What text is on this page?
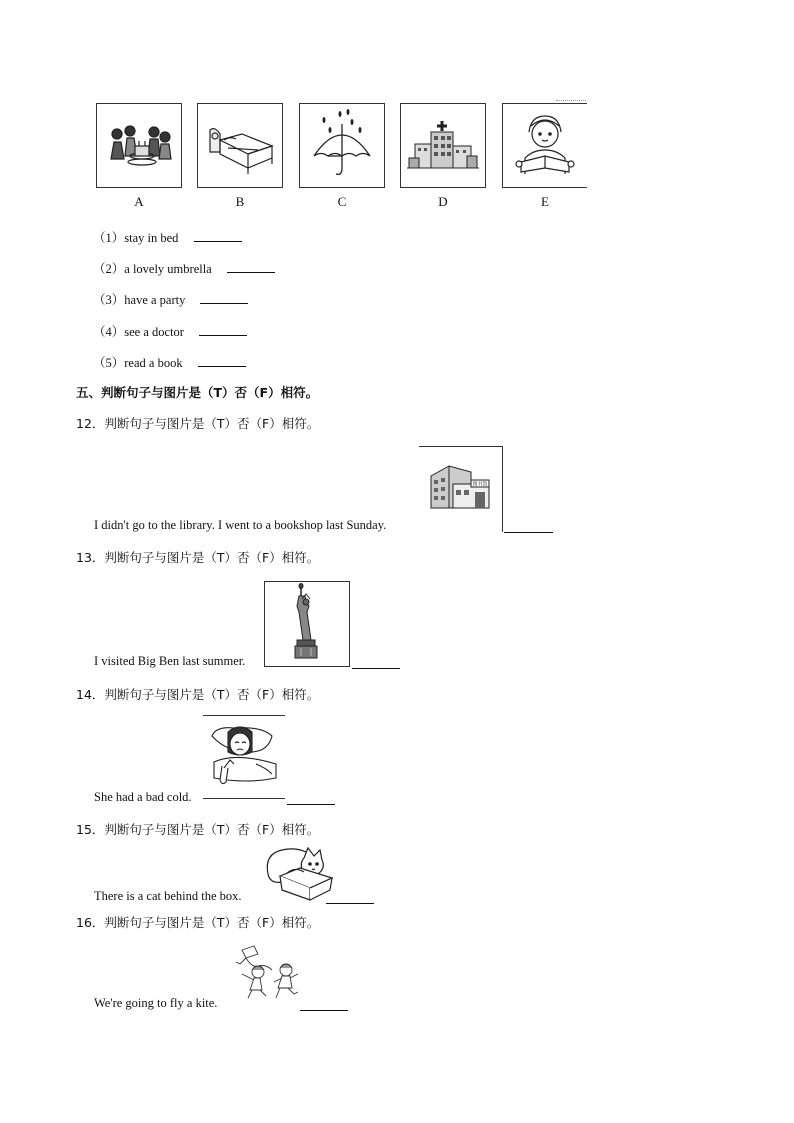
A	B	C	D	E
（1）stay in bed
（2）a lovely umbrella
（3）have a party
（4）see a doctor
（5）read a book
五、判断句子与图片是（T）否（F）相符。
12．判断句子与图片是（T）否（F）相符。
图书馆
I didn't go to the library. I went to a bookshop last Sunday.
13．判断句子与图片是（T）否（F）相符。
I visited Big Ben last summer.
14．判断句子与图片是（T）否（F）相符。
She had a bad cold.
15．判断句子与图片是（T）否（F）相符。
There is a cat behind the box.
16．判断句子与图片是（T）否（F）相符。
We're going to fly a kite.
